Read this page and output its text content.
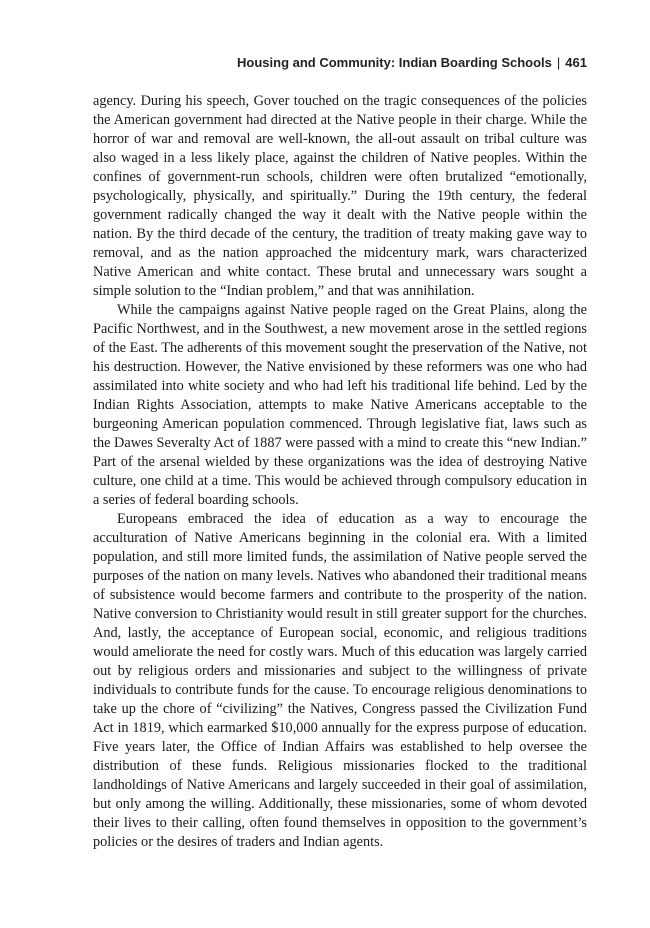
Housing and Community: Indian Boarding Schools | 461

agency. During his speech, Gover touched on the tragic consequences of the policies the American government had directed at the Native people in their charge. While the horror of war and removal are well-known, the all-out assault on tribal culture was also waged in a less likely place, against the children of Native peoples. Within the confines of government-run schools, children were often brutalized “emotionally, psychologically, physically, and spiritually.” During the 19th century, the federal government radically changed the way it dealt with the Native people within the nation. By the third decade of the century, the tradition of treaty making gave way to removal, and as the nation approached the midcentury mark, wars characterized Native American and white contact. These brutal and unnecessary wars sought a simple solution to the “Indian problem,” and that was annihilation.

While the campaigns against Native people raged on the Great Plains, along the Pacific Northwest, and in the Southwest, a new movement arose in the settled regions of the East. The adherents of this movement sought the preservation of the Native, not his destruction. However, the Native envisioned by these reformers was one who had assimilated into white society and who had left his traditional life behind. Led by the Indian Rights Association, attempts to make Native Americans acceptable to the burgeoning American population commenced. Through legislative fiat, laws such as the Dawes Severalty Act of 1887 were passed with a mind to create this “new Indian.” Part of the arsenal wielded by these organizations was the idea of destroying Native culture, one child at a time. This would be achieved through compulsory education in a series of federal boarding schools.

Europeans embraced the idea of education as a way to encourage the acculturation of Native Americans beginning in the colonial era. With a limited population, and still more limited funds, the assimilation of Native people served the purposes of the nation on many levels. Natives who abandoned their traditional means of subsistence would become farmers and contribute to the prosperity of the nation. Native conversion to Christianity would result in still greater support for the churches. And, lastly, the acceptance of European social, economic, and religious traditions would ameliorate the need for costly wars. Much of this education was largely carried out by religious orders and missionaries and subject to the willingness of private individuals to contribute funds for the cause. To encourage religious denominations to take up the chore of “civilizing” the Natives, Congress passed the Civilization Fund Act in 1819, which earmarked $10,000 annually for the express purpose of education. Five years later, the Office of Indian Affairs was established to help oversee the distribution of these funds. Religious missionaries flocked to the traditional landholdings of Native Americans and largely succeeded in their goal of assimilation, but only among the willing. Additionally, these missionaries, some of whom devoted their lives to their calling, often found themselves in opposition to the government’s policies or the desires of traders and Indian agents.
